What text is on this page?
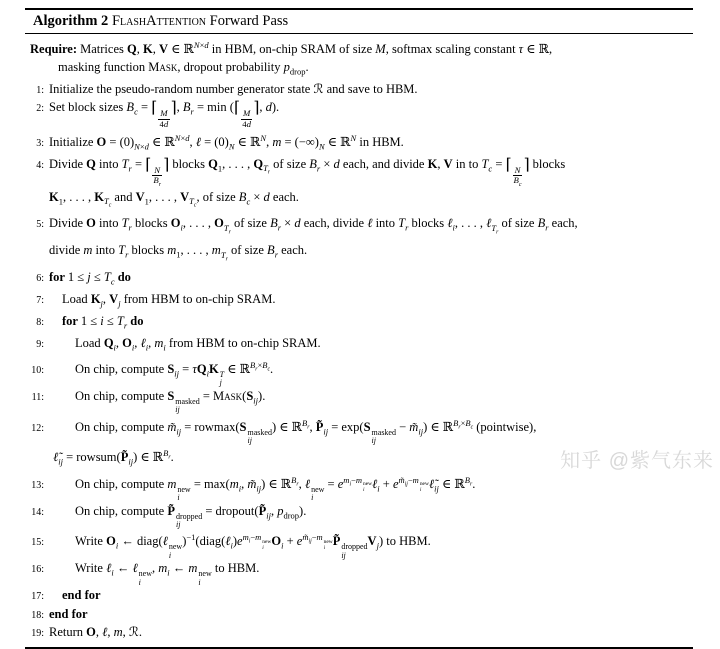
Algorithm 2 FlashAttention Forward Pass
Require: Matrices Q, K, V ∈ ℝ$^{N\times d}$ in HBM, on-chip SRAM of size M, softmax scaling constant τ ∈ ℝ,
masking function Mask, dropout probability $p_{drop}$.
1: Initialize the pseudo-random number generator state ℛ and save to HBM.
2: Set block sizes $B_c$ = ⌈
$\frac{M}{4d}$
⌉, $B_r = \min$ (⌈
$\frac{M}{4d}$
⌉, d).
3: Initialize $O = (0)_{N\times d}$ ∈ ℝ$^{N\times d}$, ℓ = $(0)_N$ ∈ ℝ$^N$, $m = (-\infty)_N$ ∈ ℝ$^N$ in HBM.
4: Divide Q into $T_r$ = ⌈
$\frac{N}{B_r}$
⌉ blocks $Q_1$, . . . , $Q_{T_r}$ of size $B_r \times d$ each, and divide K, V in to $T_c$ = ⌈
$\frac{N}{B_c}$
⌉ blocks
$K_1$, . . . , $K_{T_c}$ and $V_1$, . . . , $V_{T_c}$, of size $B_c \times d$ each.
5: Divide O into $T_r$ blocks $O_i$, . . . , $O_{T_r}$ of size $B_r \times d$ each, divide ℓ into $T_r$ blocks ℓ$_i$, . . . , ℓ$_{T_r}$ of size $B_r$ each,
divide m into $T_r$ blocks $m_1$, . . . , $m_{T_r}$ of size $B_r$ each.
6: for $1 \le j \le T_c$ do
7:	Load $K_j$, $V_j$ from HBM to on-chip SRAM.
8:	for $1 \le i \le T_r$ do
9:	Load $Q_i$, $O_i$, ℓ$_i$, $m_i$ from HBM to on-chip SRAM.
10:	On chip, compute $S_{ij} = \tau Q_iK$ T
j
∈ ℝ$^{B_r\times B_c}$.
11:	On chip, compute S masked
ij
= $Mask(S_{ij})$.
12:	On chip, compute $m̃_{ij} = rowmax(S$ masked
ij
) ∈ ℝ$^{B_r}$, $P̃_{ij} = \exp(S$ masked
ij
− $m̃_{ij}$) ∈ ℝ$^{B_r\times B_c}$ (pointwise),
$\ell̃_{ij}$ = $rowsum(P̃_{ij})$ ∈ ℝ$^{B_r}$.
13:	On chip, compute m new
i
= $\max(m_i$, $m̃_{ij}$) ∈ ℝ$^{B_r}$, ℓ new
i
= $e^{m_i-m new i}$ ℓ$_i$ + $e^{m̃_{ij}-m new i}$ $\ell̃_{ij}$ ∈ ℝ$^{B_r}$.
14:	On chip, compute P̃ dropped
ij
= $dropout(P̃_{ij}$, $p_{drop}$).
15:	Write $O_i$ ← diag(ℓ new
i
)$^{-1}(diag(\ell_i)e^{m_i-m new i}$ $O_i + e^{m̃_{ij}-m new i}$ P̃ dropped
ij
$V_j$) to HBM.
16:	Write ℓ$_i$ ← ℓ new
i
, $m_i$ ← m new
i
to HBM.
17:	end for
18: end for
19: Return O, ℓ, m, ℛ.
知乎 @紫气东来
